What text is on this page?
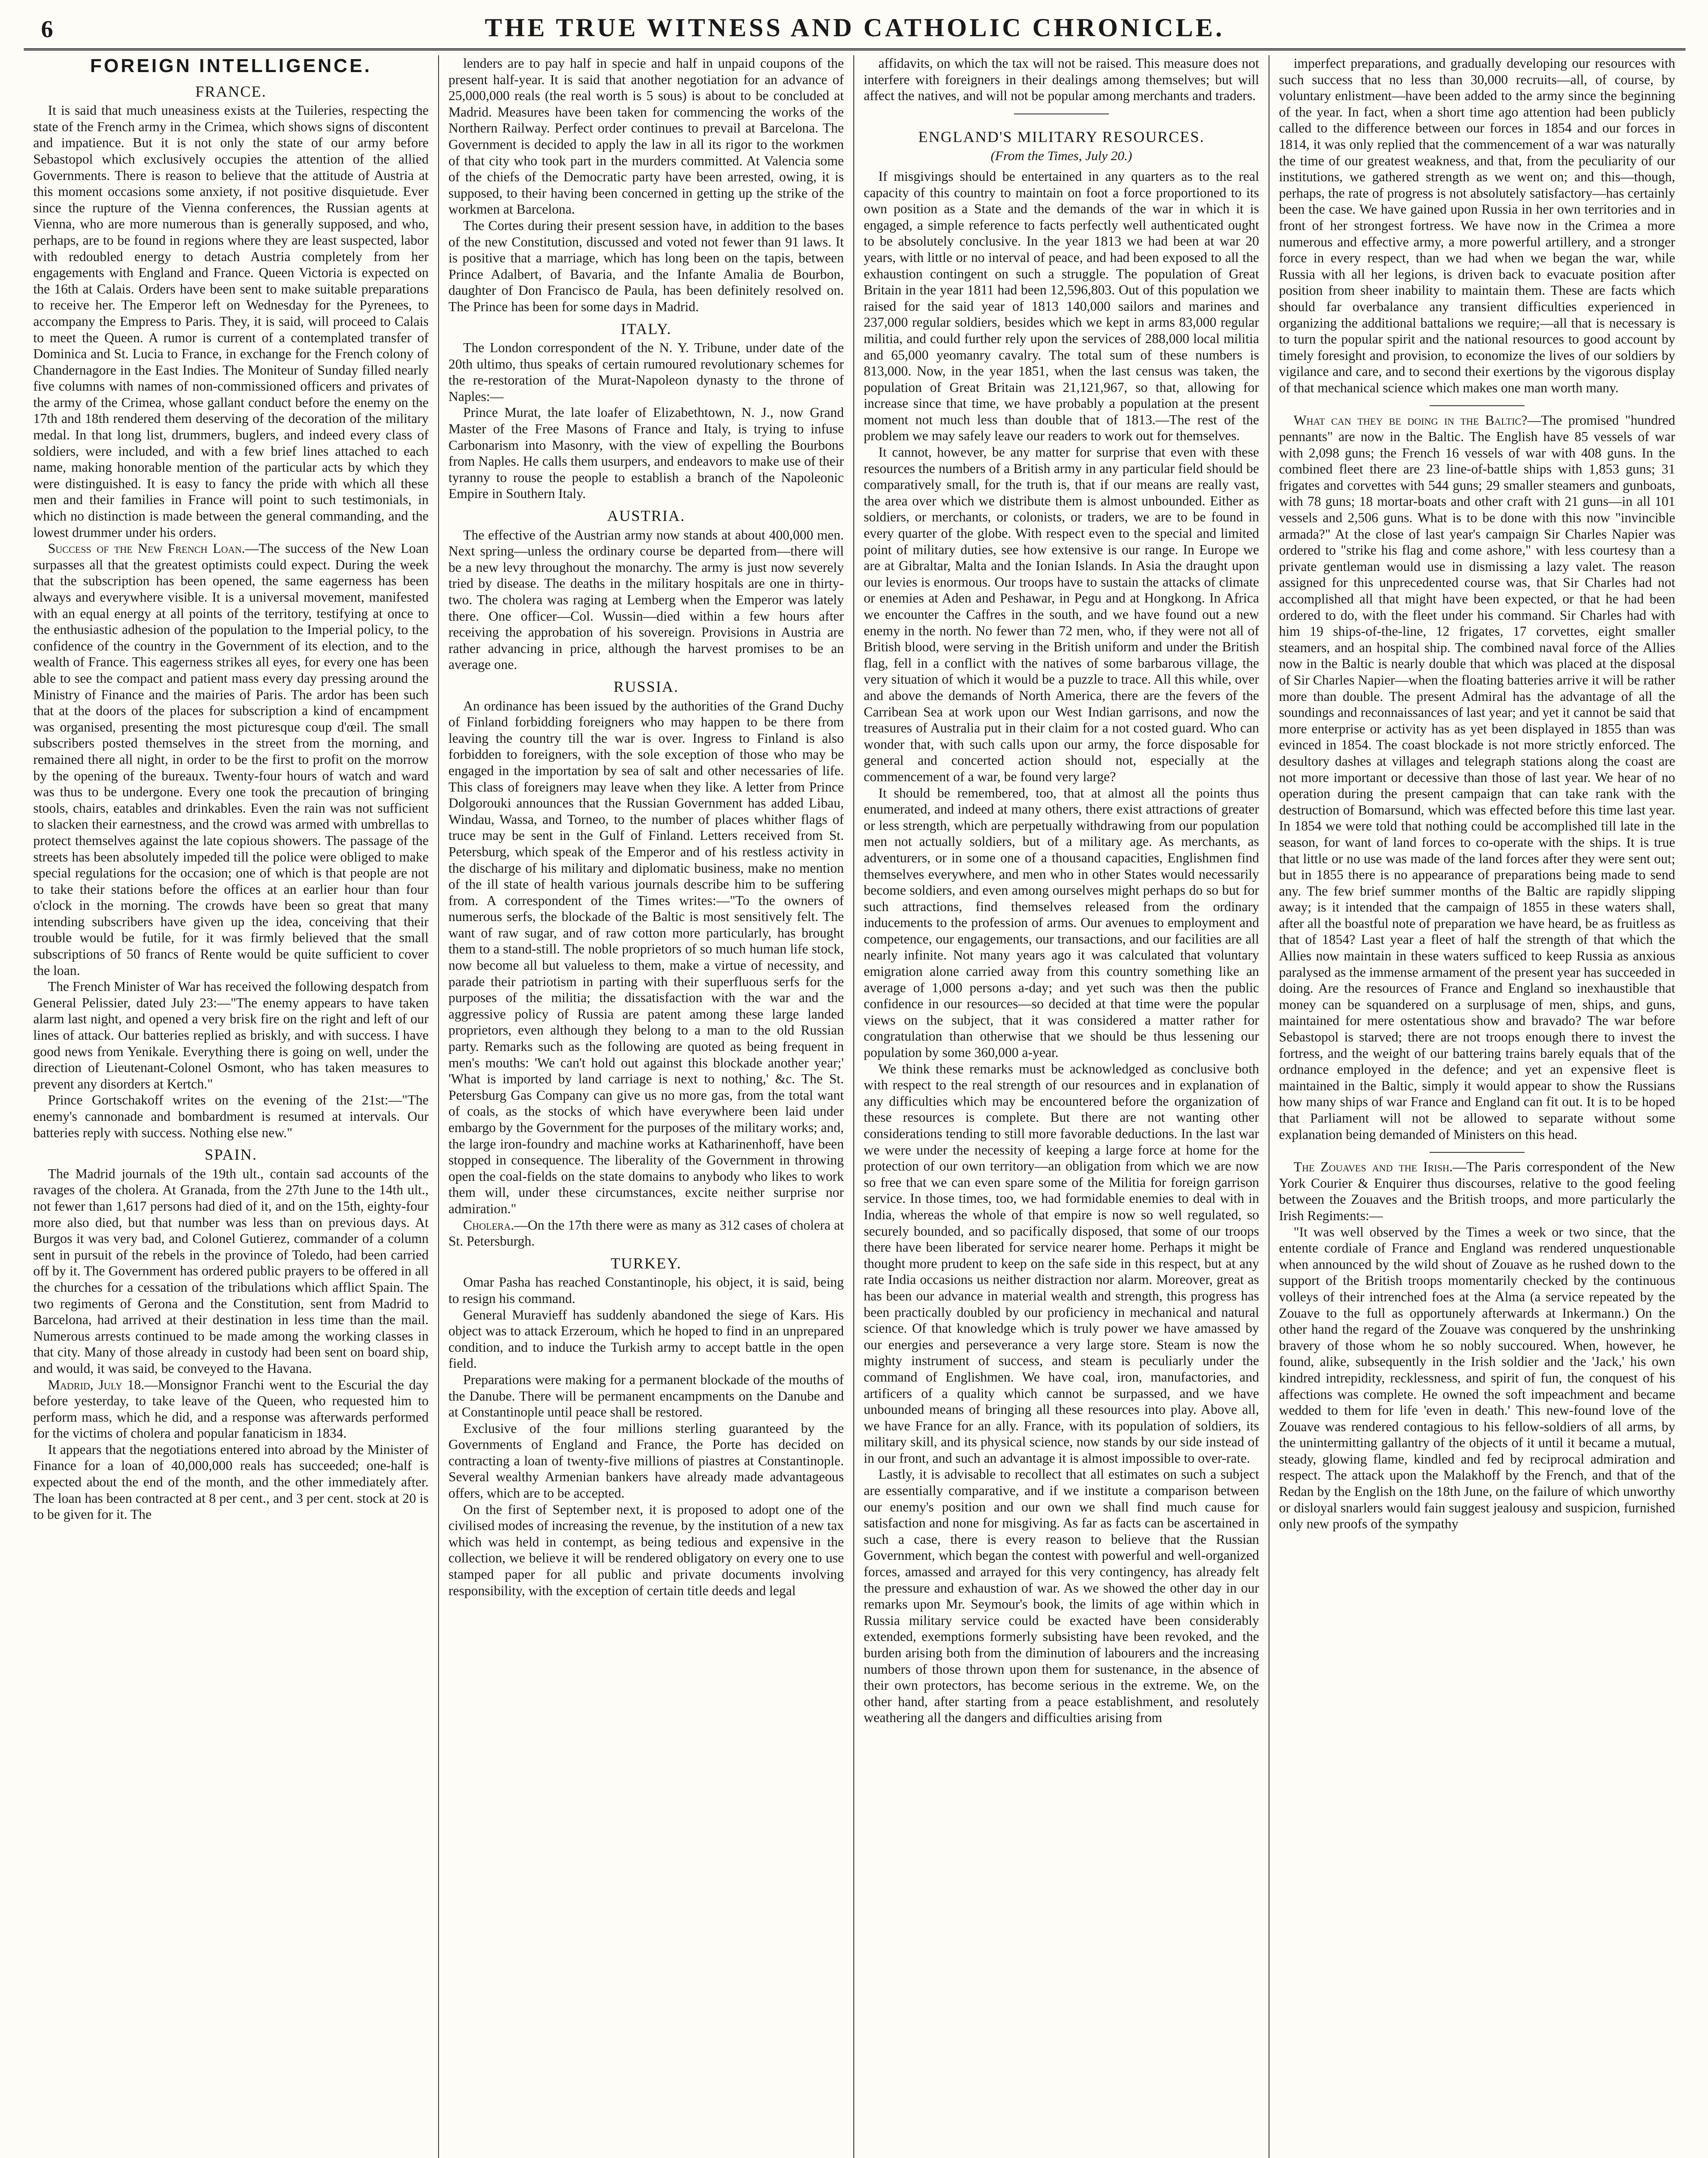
6	THE TRUE WITNESS AND CATHOLIC CHRONICLE.
FOREIGN INTELLIGENCE.
FRANCE.

It is said that much uneasiness exists at the Tuileries, respecting the state of the French army in the Crimea, which shows signs of discontent and impatience. But it is not only the state of our army before Sebastopol which exclusively occupies the attention of the allied Governments. There is reason to believe that the attitude of Austria at this moment occasions some anxiety, if not positive disquietude. Ever since the rupture of the Vienna conferences, the Russian agents at Vienna, who are more numerous than is generally supposed, and who, perhaps, are to be found in regions where they are least suspected, labor with redoubled energy to detach Austria completely from her engagements with England and France. Queen Victoria is expected on the 16th at Calais. Orders have been sent to make suitable preparations to receive her. The Emperor left on Wednesday for the Pyrenees, to accompany the Empress to Paris. They, it is said, will proceed to Calais to meet the Queen. A rumor is current of a contemplated transfer of Dominica and St. Lucia to France, in exchange for the French colony of Chandernagore in the East Indies. The Moniteur of Sunday filled nearly five columns with names of non-commissioned officers and privates of the army of the Crimea, whose gallant conduct before the enemy on the 17th and 18th rendered them deserving of the decoration of the military medal. In that long list, drummers, buglers, and indeed every class of soldiers, were included, and with a few brief lines attached to each name, making honorable mention of the particular acts by which they were distinguished. It is easy to fancy the pride with which all these men and their families in France will point to such testimonials, in which no distinction is made between the general commanding, and the lowest drummer under his orders.

Success of the New French Loan.—The success of the New Loan surpasses all that the greatest optimists could expect. During the week that the subscription has been opened, the same eagerness has been always and everywhere visible. It is a universal movement, manifested with an equal energy at all points of the territory, testifying at once to the enthusiastic adhesion of the population to the Imperial policy, to the confidence of the country in the Government of its election, and to the wealth of France. This eagerness strikes all eyes, for every one has been able to see the compact and patient mass every day pressing around the Ministry of Finance and the mairies of Paris. The ardor has been such that at the doors of the places for subscription a kind of encampment was organised, presenting the most picturesque coup d'œil. The small subscribers posted themselves in the street from the morning, and remained there all night, in order to be the first to profit on the morrow by the opening of the bureaux. Twenty-four hours of watch and ward was thus to be undergone. Every one took the precaution of bringing stools, chairs, eatables and drinkables. Even the rain was not sufficient to slacken their earnestness, and the crowd was armed with umbrellas to protect themselves against the late copious showers. The passage of the streets has been absolutely impeded till the police were obliged to make special regulations for the occasion; one of which is that people are not to take their stations before the offices at an earlier hour than four o'clock in the morning. The crowds have been so great that many intending subscribers have given up the idea, conceiving that their trouble would be futile, for it was firmly believed that the small subscriptions of 50 francs of Rente would be quite sufficient to cover the loan.

The French Minister of War has received the following despatch from General Pelissier, dated July 23:—"The enemy appears to have taken alarm last night, and opened a very brisk fire on the right and left of our lines of attack. Our batteries replied as briskly, and with success. I have good news from Yenikale. Everything there is going on well, under the direction of Lieutenant-Colonel Osmont, who has taken measures to prevent any disorders at Kertch."

Prince Gortschakoff writes on the evening of the 21st:—"The enemy's cannonade and bombardment is resumed at intervals. Our batteries reply with success. Nothing else new."

SPAIN.

The Madrid journals of the 19th ult., contain sad accounts of the ravages of the cholera. At Granada, from the 27th June to the 14th ult., not fewer than 1,617 persons had died of it, and on the 15th, eighty-four more also died, but that number was less than on previous days. At Burgos it was very bad, and Colonel Gutierez, commander of a column sent in pursuit of the rebels in the province of Toledo, had been carried off by it. The Government has ordered public prayers to be offered in all the churches for a cessation of the tribulations which afflict Spain. The two regiments of Gerona and the Constitution, sent from Madrid to Barcelona, had arrived at their destination in less time than the mail. Numerous arrests continued to be made among the working classes in that city. Many of those already in custody had been sent on board ship, and would, it was said, be conveyed to the Havana.

Madrid, July 18.—Monsignor Franchi went to the Escurial the day before yesterday, to take leave of the Queen, who requested him to perform mass, which he did, and a response was afterwards performed for the victims of cholera and popular fanaticism in 1834.

It appears that the negotiations entered into abroad by the Minister of Finance for a loan of 40,000,000 reals has succeeded; one-half is expected about the end of the month, and the other immediately after. The loan has been contracted at 8 per cent., and 3 per cent. stock at 20 is to be given for it. The

lenders are to pay half in specie and half in unpaid coupons of the present half-year. It is said that another negotiation for an advance of 25,000,000 reals (the real worth is 5 sous) is about to be concluded at Madrid. Measures have been taken for commencing the works of the Northern Railway. Perfect order continues to prevail at Barcelona. The Government is decided to apply the law in all its rigor to the workmen of that city who took part in the murders committed. At Valencia some of the chiefs of the Democratic party have been arrested, owing, it is supposed, to their having been concerned in getting up the strike of the workmen at Barcelona.

The Cortes during their present session have, in addition to the bases of the new Constitution, discussed and voted not fewer than 91 laws. It is positive that a marriage, which has long been on the tapis, between Prince Adalbert, of Bavaria, and the Infante Amalia de Bourbon, daughter of Don Francisco de Paula, has been definitely resolved on. The Prince has been for some days in Madrid.

ITALY.

The London correspondent of the N. Y. Tribune, under date of the 20th ultimo, thus speaks of certain rumoured revolutionary schemes for the re-restoration of the Murat-Napoleon dynasty to the throne of Naples:—

Prince Murat, the late loafer of Elizabethtown, N. J., now Grand Master of the Free Masons of France and Italy, is trying to infuse Carbonarism into Masonry, with the view of expelling the Bourbons from Naples. He calls them usurpers, and endeavors to make use of their tyranny to rouse the people to establish a branch of the Napoleonic Empire in Southern Italy.

AUSTRIA.

The effective of the Austrian army now stands at about 400,000 men. Next spring—unless the ordinary course be departed from—there will be a new levy throughout the monarchy. The army is just now severely tried by disease. The deaths in the military hospitals are one in thirty-two. The cholera was raging at Lemberg when the Emperor was lately there. One officer—Col. Wussin—died within a few hours after receiving the approbation of his sovereign. Provisions in Austria are rather advancing in price, although the harvest promises to be an average one.

RUSSIA.

An ordinance has been issued by the authorities of the Grand Duchy of Finland forbidding foreigners who may happen to be there from leaving the country till the war is over. Ingress to Finland is also forbidden to foreigners, with the sole exception of those who may be engaged in the importation by sea of salt and other necessaries of life. This class of foreigners may leave when they like. A letter from Prince Dolgorouki announces that the Russian Government has added Libau, Windau, Wassa, and Torneo, to the number of places whither flags of truce may be sent in the Gulf of Finland. Letters received from St. Petersburg, which speak of the Emperor and of his restless activity in the discharge of his military and diplomatic business, make no mention of the ill state of health various journals describe him to be suffering from. A correspondent of the Times writes:—"To the owners of numerous serfs, the blockade of the Baltic is most sensitively felt. The want of raw sugar, and of raw cotton more particularly, has brought them to a stand-still. The noble proprietors of so much human life stock, now become all but valueless to them, make a virtue of necessity, and parade their patriotism in parting with their superfluous serfs for the purposes of the militia; the dissatisfaction with the war and the aggressive policy of Russia are patent among these large landed proprietors, even although they belong to a man to the old Russian party. Remarks such as the following are quoted as being frequent in men's mouths: 'We can't hold out against this blockade another year;' 'What is imported by land carriage is next to nothing,' &c. The St. Petersburg Gas Company can give us no more gas, from the total want of coals, as the stocks of which have everywhere been laid under embargo by the Government for the purposes of the military works; and, the large iron-foundry and machine works at Katharinenhoff, have been stopped in consequence. The liberality of the Government in throwing open the coal-fields on the state domains to anybody who likes to work them will, under these circumstances, excite neither surprise nor admiration."

Cholera.—On the 17th there were as many as 312 cases of cholera at St. Petersburgh.

TURKEY.

Omar Pasha has reached Constantinople, his object, it is said, being to resign his command.

General Muravieff has suddenly abandoned the siege of Kars. His object was to attack Erzeroum, which he hoped to find in an unprepared condition, and to induce the Turkish army to accept battle in the open field.

Preparations were making for a permanent blockade of the mouths of the Danube. There will be permanent encampments on the Danube and at Constantinople until peace shall be restored.

Exclusive of the four millions sterling guaranteed by the Governments of England and France, the Porte has decided on contracting a loan of twenty-five millions of piastres at Constantinople. Several wealthy Armenian bankers have already made advantageous offers, which are to be accepted.

On the first of September next, it is proposed to adopt one of the civilised modes of increasing the revenue, by the institution of a new tax which was held in contempt, as being tedious and expensive in the collection, we believe it will be rendered obligatory on every one to use stamped paper for all public and private documents involving responsibility, with the exception of certain title deeds and legal

affidavits, on which the tax will not be raised. This measure does not interfere with foreigners in their dealings among themselves; but will affect the natives, and will not be popular among merchants and traders.

ENGLAND'S MILITARY RESOURCES.
(From the Times, July 20.)

If misgivings should be entertained in any quarters as to the real capacity of this country to maintain on foot a force proportioned to its own position as a State and the demands of the war in which it is engaged, a simple reference to facts perfectly well authenticated ought to be absolutely conclusive. In the year 1813 we had been at war 20 years, with little or no interval of peace, and had been exposed to all the exhaustion contingent on such a struggle. The population of Great Britain in the year 1811 had been 12,596,803. Out of this population we raised for the said year of 1813 140,000 sailors and marines and 237,000 regular soldiers, besides which we kept in arms 83,000 regular militia, and could further rely upon the services of 288,000 local militia and 65,000 yeomanry cavalry. The total sum of these numbers is 813,000. Now, in the year 1851, when the last census was taken, the population of Great Britain was 21,121,967, so that, allowing for increase since that time, we have probably a population at the present moment not much less than double that of 1813.—The rest of the problem we may safely leave our readers to work out for themselves.

It cannot, however, be any matter for surprise that even with these resources the numbers of a British army in any particular field should be comparatively small, for the truth is, that if our means are really vast, the area over which we distribute them is almost unbounded. Either as soldiers, or merchants, or colonists, or traders, we are to be found in every quarter of the globe. With respect even to the special and limited point of military duties, see how extensive is our range. In Europe we are at Gibraltar, Malta and the Ionian Islands. In Asia the draught upon our levies is enormous. Our troops have to sustain the attacks of climate or enemies at Aden and Peshawar, in Pegu and at Hongkong. In Africa we encounter the Caffres in the south, and we have found out a new enemy in the north. No fewer than 72 men, who, if they were not all of British blood, were serving in the British uniform and under the British flag, fell in a conflict with the natives of some barbarous village, the very situation of which it would be a puzzle to trace. All this while, over and above the demands of North America, there are the fevers of the Carribean Sea at work upon our West Indian garrisons, and now the treasures of Australia put in their claim for a not costed guard. Who can wonder that, with such calls upon our army, the force disposable for general and concerted action should not, especially at the commencement of a war, be found very large?

It should be remembered, too, that at almost all the points thus enumerated, and indeed at many others, there exist attractions of greater or less strength, which are perpetually withdrawing from our population men not actually soldiers, but of a military age. As merchants, as adventurers, or in some one of a thousand capacities, Englishmen find themselves everywhere, and men who in other States would necessarily become soldiers, and even among ourselves might perhaps do so but for such attractions, find themselves released from the ordinary inducements to the profession of arms. Our avenues to employment and competence, our engagements, our transactions, and our facilities are all nearly infinite. Not many years ago it was calculated that voluntary emigration alone carried away from this country something like an average of 1,000 persons a-day; and yet such was then the public confidence in our resources—so decided at that time were the popular views on the subject, that it was considered a matter rather for congratulation than otherwise that we should be thus lessening our population by some 360,000 a-year.

We think these remarks must be acknowledged as conclusive both with respect to the real strength of our resources and in explanation of any difficulties which may be encountered before the organization of these resources is complete. But there are not wanting other considerations tending to still more favorable deductions. In the last war we were under the necessity of keeping a large force at home for the protection of our own territory—an obligation from which we are now so free that we can even spare some of the Militia for foreign garrison service. In those times, too, we had formidable enemies to deal with in India, whereas the whole of that empire is now so well regulated, so securely bounded, and so pacifically disposed, that some of our troops there have been liberated for service nearer home. Perhaps it might be thought more prudent to keep on the safe side in this respect, but at any rate India occasions us neither distraction nor alarm. Moreover, great as has been our advance in material wealth and strength, this progress has been practically doubled by our proficiency in mechanical and natural science. Of that knowledge which is truly power we have amassed by our energies and perseverance a very large store. Steam is now the mighty instrument of success, and steam is peculiarly under the command of Englishmen. We have coal, iron, manufactories, and artificers of a quality which cannot be surpassed, and we have unbounded means of bringing all these resources into play. Above all, we have France for an ally. France, with its population of soldiers, its military skill, and its physical science, now stands by our side instead of in our front, and such an advantage it is almost impossible to over-rate.

Lastly, it is advisable to recollect that all estimates on such a subject are essentially comparative, and if we institute a comparison between our enemy's position and our own we shall find much cause for satisfaction and none for misgiving. As far as facts can be ascertained in such a case, there is every reason to believe that the Russian Government, which began the contest with powerful and well-organized forces, amassed and arrayed for this very contingency, has already felt the pressure and exhaustion of war. As we showed the other day in our remarks upon Mr. Seymour's book, the limits of age within which in Russia military service could be exacted have been considerably extended, exemptions formerly subsisting have been revoked, and the burden arising both from the diminution of labourers and the increasing numbers of those thrown upon them for sustenance, in the absence of their own protectors, has become serious in the extreme. We, on the other hand, after starting from a peace establishment, and resolutely weathering all the dangers and difficulties arising from

imperfect preparations, and gradually developing our resources with such success that no less than 30,000 recruits—all, of course, by voluntary enlistment—have been added to the army since the beginning of the year. In fact, when a short time ago attention had been publicly called to the difference between our forces in 1854 and our forces in 1814, it was only replied that the commencement of a war was naturally the time of our greatest weakness, and that, from the peculiarity of our institutions, we gathered strength as we went on; and this—though, perhaps, the rate of progress is not absolutely satisfactory—has certainly been the case. We have gained upon Russia in her own territories and in front of her strongest fortress. We have now in the Crimea a more numerous and effective army, a more powerful artillery, and a stronger force in every respect, than we had when we began the war, while Russia with all her legions, is driven back to evacuate position after position from sheer inability to maintain them. These are facts which should far overbalance any transient difficulties experienced in organizing the additional battalions we require;—all that is necessary is to turn the popular spirit and the national resources to good account by timely foresight and provision, to economize the lives of our soldiers by vigilance and care, and to second their exertions by the vigorous display of that mechanical science which makes one man worth many.

What can they be doing in the Baltic?—The promised "hundred pennants" are now in the Baltic. The English have 85 vessels of war with 2,098 guns; the French 16 vessels of war with 408 guns. In the combined fleet there are 23 line-of-battle ships with 1,853 guns; 31 frigates and corvettes with 544 guns; 29 smaller steamers and gunboats, with 78 guns; 18 mortar-boats and other craft with 21 guns—in all 101 vessels and 2,506 guns. What is to be done with this now "invincible armada?" At the close of last year's campaign Sir Charles Napier was ordered to "strike his flag and come ashore," with less courtesy than a private gentleman would use in dismissing a lazy valet. The reason assigned for this unprecedented course was, that Sir Charles had not accomplished all that might have been expected, or that he had been ordered to do, with the fleet under his command. Sir Charles had with him 19 ships-of-the-line, 12 frigates, 17 corvettes, eight smaller steamers, and an hospital ship. The combined naval force of the Allies now in the Baltic is nearly double that which was placed at the disposal of Sir Charles Napier—when the floating batteries arrive it will be rather more than double. The present Admiral has the advantage of all the soundings and reconnaissances of last year; and yet it cannot be said that more enterprise or activity has as yet been displayed in 1855 than was evinced in 1854. The coast blockade is not more strictly enforced. The desultory dashes at villages and telegraph stations along the coast are not more important or decessive than those of last year. We hear of no operation during the present campaign that can take rank with the destruction of Bomarsund, which was effected before this time last year. In 1854 we were told that nothing could be accomplished till late in the season, for want of land forces to co-operate with the ships. It is true that little or no use was made of the land forces after they were sent out; but in 1855 there is no appearance of preparations being made to send any. The few brief summer months of the Baltic are rapidly slipping away; is it intended that the campaign of 1855 in these waters shall, after all the boastful note of preparation we have heard, be as fruitless as that of 1854? Last year a fleet of half the strength of that which the Allies now maintain in these waters sufficed to keep Russia as anxious paralysed as the immense armament of the present year has succeeded in doing. Are the resources of France and England so inexhaustible that money can be squandered on a surplusage of men, ships, and guns, maintained for mere ostentatious show and bravado? The war before Sebastopol is starved; there are not troops enough there to invest the fortress, and the weight of our battering trains barely equals that of the ordnance employed in the defence; and yet an expensive fleet is maintained in the Baltic, simply it would appear to show the Russians how many ships of war France and England can fit out. It is to be hoped that Parliament will not be allowed to separate without some explanation being demanded of Ministers on this head.

The Zouaves and the Irish.—The Paris correspondent of the New York Courier & Enquirer thus discourses, relative to the good feeling between the Zouaves and the British troops, and more particularly the Irish Regiments:—

"It was well observed by the Times a week or two since, that the entente cordiale of France and England was rendered unquestionable when announced by the wild shout of Zouave as he rushed down to the support of the British troops momentarily checked by the continuous volleys of their intrenched foes at the Alma (a service repeated by the Zouave to the full as opportunely afterwards at Inkermann.) On the other hand the regard of the Zouave was conquered by the unshrinking bravery of those whom he so nobly succoured. When, however, he found, alike, subsequently in the Irish soldier and the 'Jack,' his own kindred intrepidity, recklessness, and spirit of fun, the conquest of his affections was complete. He owned the soft impeachment and became wedded to them for life 'even in death.' This new-found love of the Zouave was rendered contagious to his fellow-soldiers of all arms, by the unintermitting gallantry of the objects of it until it became a mutual, steady, glowing flame, kindled and fed by reciprocal admiration and respect. The attack upon the Malakhoff by the French, and that of the Redan by the English on the 18th June, on the failure of which unworthy or disloyal snarlers would fain suggest jealousy and suspicion, furnished only new proofs of the sympathy
